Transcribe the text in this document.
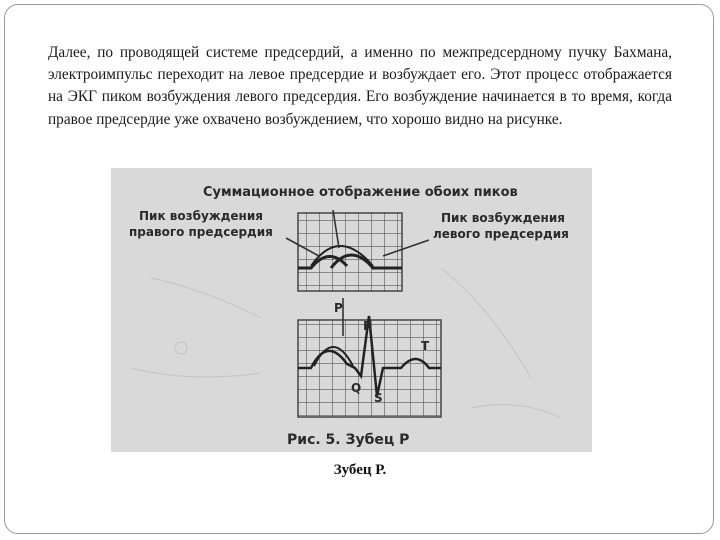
Далее, по проводящей системе предсердий, а именно по межпредсердному пучку Бахмана, электроимпульс переходит на левое предсердие и возбуждает его. Этот процесс отображается на ЭКГ пиком возбуждения левого предсердия. Его возбуждение начинается в то время, когда правое предсердие уже охвачено возбуждением, что хорошо видно на рисунке.

Суммационное отображение обоих пиков
Пик возбуждения
правого предсердия
Пик возбуждения
левого предсердия
P
R
Q
S
T
Рис. 5. Зубец Р
Зубец Р.
